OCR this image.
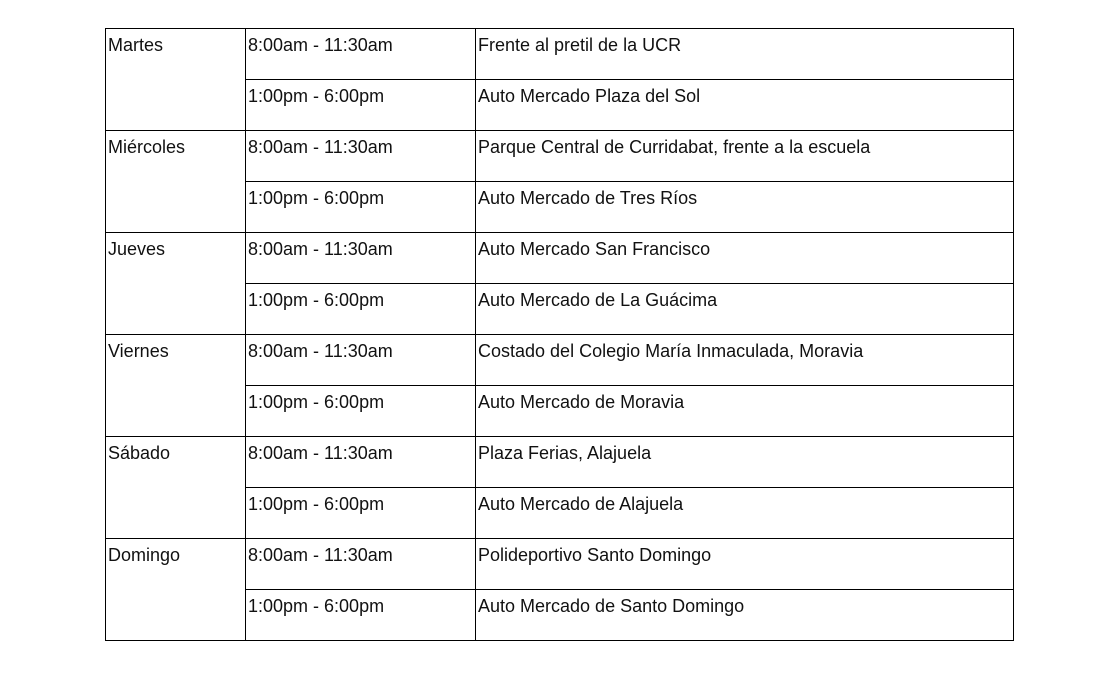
Martes	8:00am - 11:30am	Frente al pretil de la UCR
	1:00pm - 6:00pm	Auto Mercado Plaza del Sol
Miércoles	8:00am - 11:30am	Parque Central de Curridabat, frente a la escuela
	1:00pm - 6:00pm	Auto Mercado de Tres Ríos
Jueves	8:00am - 11:30am	Auto Mercado San Francisco
	1:00pm - 6:00pm	Auto Mercado de La Guácima
Viernes	8:00am - 11:30am	Costado del Colegio María Inmaculada, Moravia
	1:00pm - 6:00pm	Auto Mercado de Moravia
Sábado	8:00am - 11:30am	Plaza Ferias, Alajuela
	1:00pm - 6:00pm	Auto Mercado de Alajuela
Domingo	8:00am - 11:30am	Polideportivo Santo Domingo
	1:00pm - 6:00pm	Auto Mercado de Santo Domingo
